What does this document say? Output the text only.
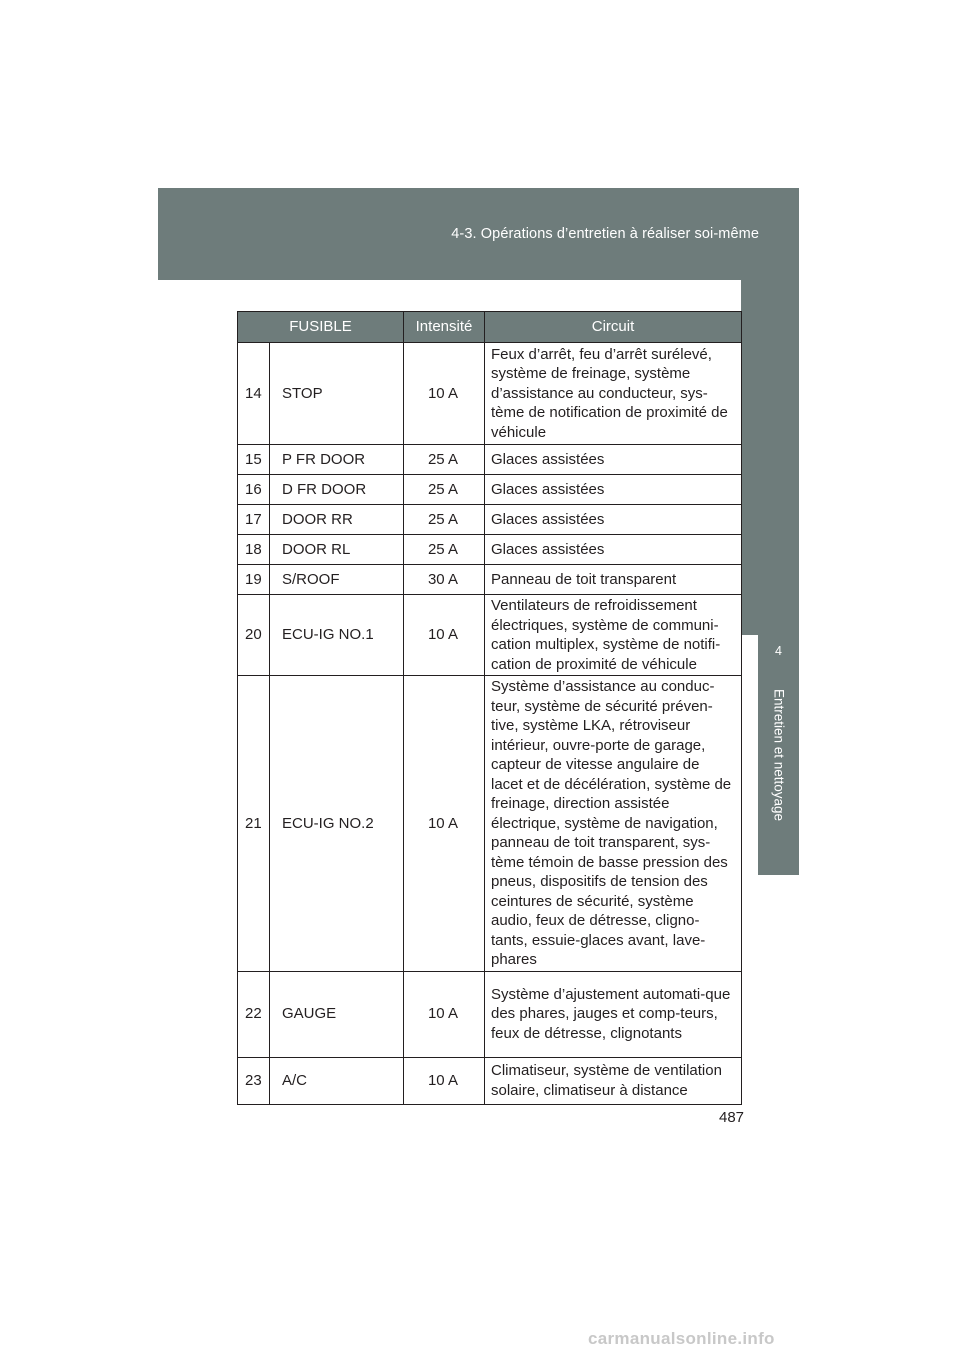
4-3. Opérations d’entretien à réaliser soi-même
4
Entretien et nettoyage
FUSIBLE	Intensité	Circuit
14 STOP	10 A	Feux d’arrêt, feu d’arrêt surélevé, système de freinage, système d’assistance au conducteur, sys-tème de notification de proximité de véhicule
15 P FR DOOR	25 A	Glaces assistées
16 D FR DOOR	25 A	Glaces assistées
17 DOOR RR	25 A	Glaces assistées
18 DOOR RL	25 A	Glaces assistées
19 S/ROOF	30 A	Panneau de toit transparent
20 ECU-IG NO.1	10 A	Ventilateurs de refroidissement électriques, système de communi-cation multiplex, système de notifi-cation de proximité de véhicule
21 ECU-IG NO.2	10 A	Système d’assistance au conduc-teur, système de sécurité préven-tive, système LKA, rétroviseur intérieur, ouvre-porte de garage, capteur de vitesse angulaire de lacet et de décélération, système de freinage, direction assistée électrique, système de navigation, panneau de toit transparent, sys-tème témoin de basse pression des pneus, dispositifs de tension des ceintures de sécurité, système audio, feux de détresse, cligno-tants, essuie-glaces avant, lave-phares
22 GAUGE	10 A	Système d’ajustement automati-que des phares, jauges et comp-teurs, feux de détresse, clignotants
23 A/C	10 A	Climatiseur, système de ventilation solaire, climatiseur à distance
487
carmanualsonline.info
